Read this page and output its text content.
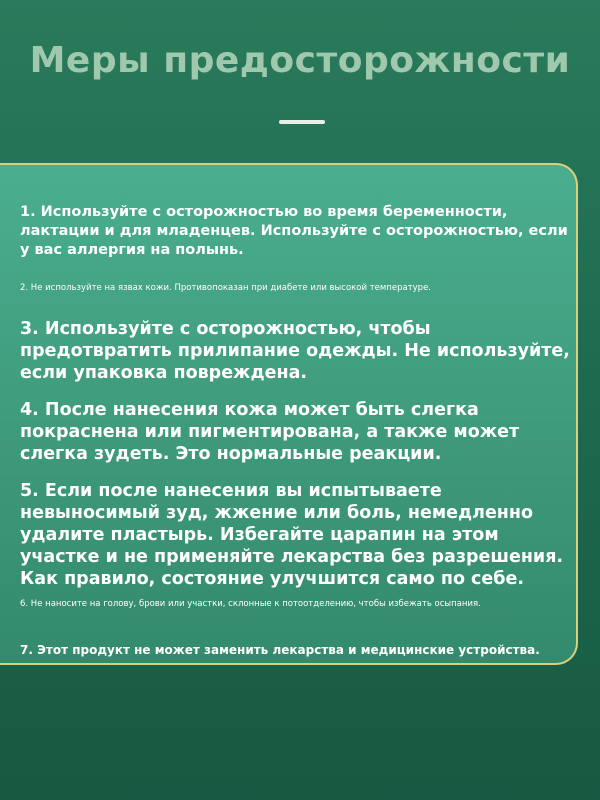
Меры предосторожности

1. Используйте с осторожностью во время беременности, лактации и для младенцев. Используйте с осторожностью, если у вас аллергия на полынь.

2. Не используйте на язвах кожи. Противопоказан при диабете или высокой температуре.

3. Используйте с осторожностью, чтобы предотвратить прилипание одежды. Не используйте, если упаковка повреждена.

4. После нанесения кожа может быть слегка покраснена или пигментирована, а также может слегка зудеть. Это нормальные реакции.

5. Если после нанесения вы испытываете невыносимый зуд, жжение или боль, немедленно удалите пластырь. Избегайте царапин на этом участке и не применяйте лекарства без разрешения. Как правило, состояние улучшится само по себе.

6. Не наносите на голову, брови или участки, склонные к потоотделению, чтобы избежать осыпания.

7. Этот продукт не может заменить лекарства и медицинские устройства.
